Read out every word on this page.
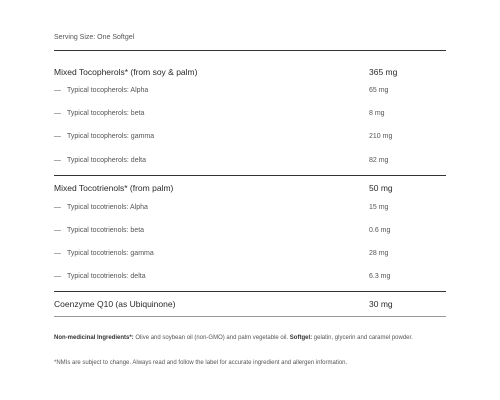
Serving Size: One Softgel
Mixed Tocopherols* (from soy & palm)	365 mg
— Typical tocopherols: Alpha	65 mg
— Typical tocopherols: beta	8 mg
— Typical tocopherols: gamma	210 mg
— Typical tocopherols: delta	82 mg
Mixed Tocotrienols* (from palm)	50 mg
— Typical tocotrienols: Alpha	15 mg
— Typical tocotrienols: beta	0.6 mg
— Typical tocotrienols: gamma	28 mg
— Typical tocotrienols: delta	6.3 mg
Coenzyme Q10 (as Ubiquinone)	30 mg
Non-medicinal Ingredients*: Olive and soybean oil (non-GMO) and palm vegetable oil. Softgel: gelatin, glycerin and caramel powder.
*NMIs are subject to change. Always read and follow the label for accurate ingredient and allergen information.
